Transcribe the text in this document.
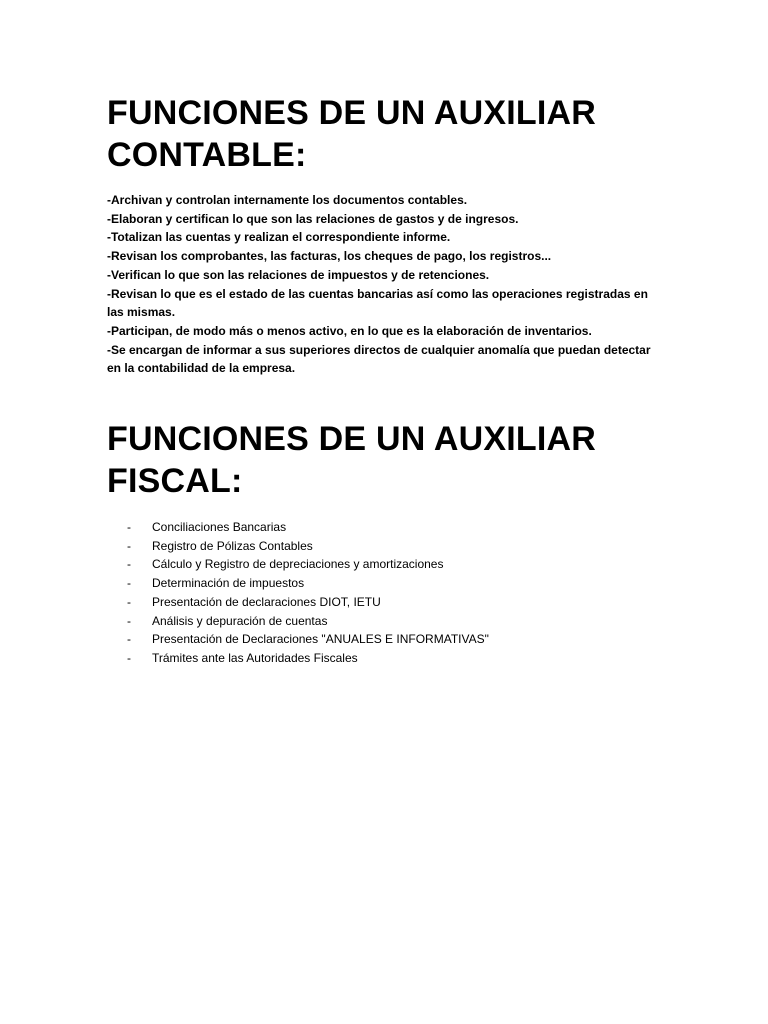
FUNCIONES DE UN AUXILIAR CONTABLE:
-Archivan y controlan internamente los documentos contables.
-Elaboran y certifican lo que son las relaciones de gastos y de ingresos.
-Totalizan las cuentas y realizan el correspondiente informe.
-Revisan los comprobantes, las facturas, los cheques de pago, los registros...
-Verifican lo que son las relaciones de impuestos y de retenciones.
-Revisan lo que es el estado de las cuentas bancarias así como las operaciones registradas en las mismas.
-Participan, de modo más o menos activo, en lo que es la elaboración de inventarios.
-Se encargan de informar a sus superiores directos de cualquier anomalía que puedan detectar en la contabilidad de la empresa.
FUNCIONES DE UN AUXILIAR FISCAL:
- Conciliaciones Bancarias
- Registro de Pólizas Contables
- Cálculo y Registro de depreciaciones y amortizaciones
- Determinación de impuestos
- Presentación de declaraciones DIOT, IETU
- Análisis y depuración de cuentas
- Presentación de Declaraciones "ANUALES E INFORMATIVAS"
- Trámites ante las Autoridades Fiscales
